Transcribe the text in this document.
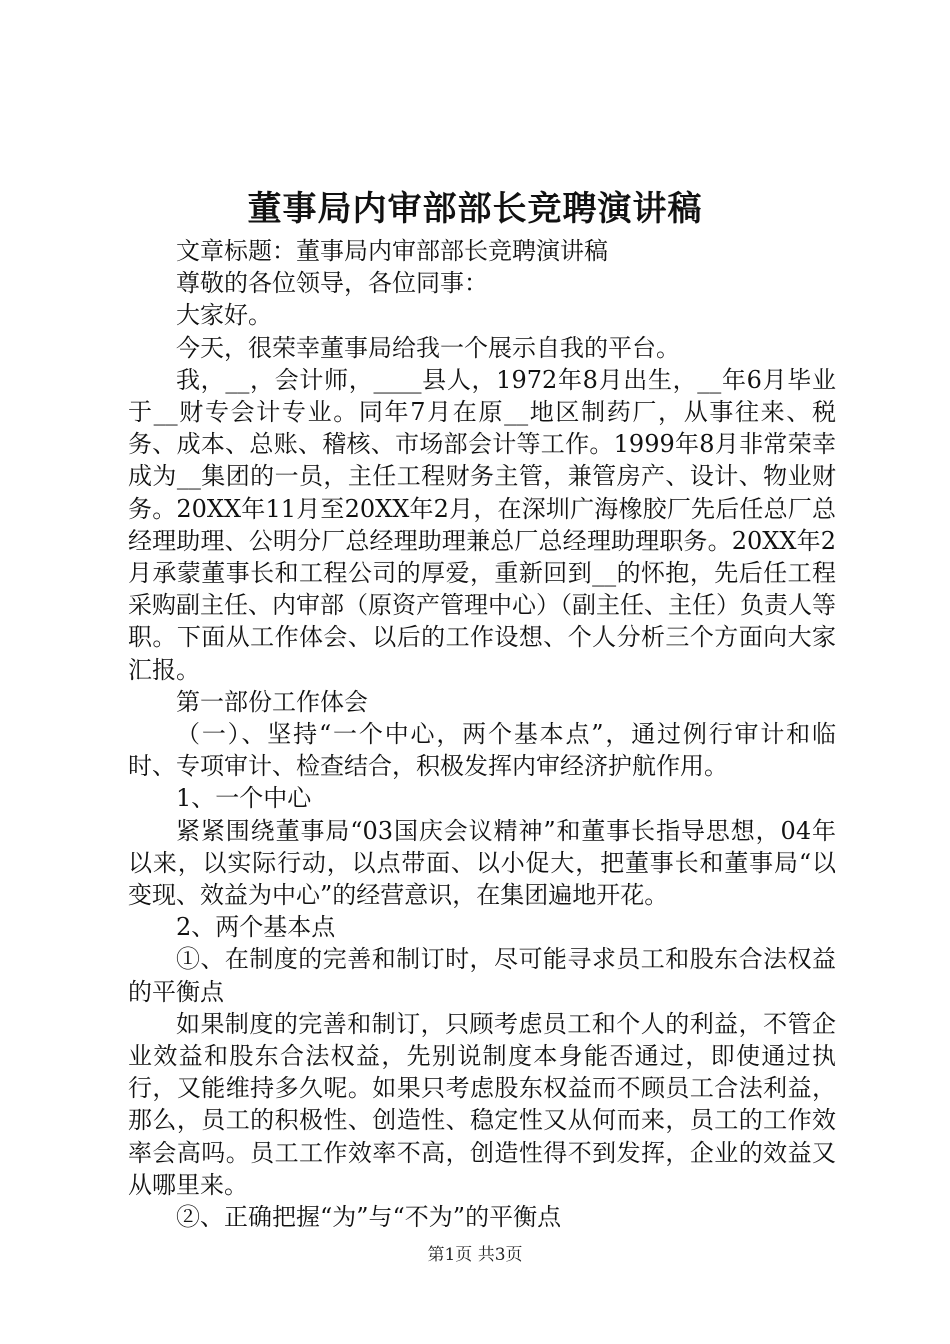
董事局内审部部长竞聘演讲稿

文章标题：董事局内审部部长竞聘演讲稿

尊敬的各位领导，各位同事：

大家好。

今天，很荣幸董事局给我一个展示自我的平台。

我，__，会计师，____县人，1972年8月出生，__年6月毕业于__财专会计专业。同年7月在原__地区制药厂，从事往来、税务、成本、总账、稽核、市场部会计等工作。1999年8月非常荣幸成为__集团的一员，主任工程财务主管，兼管房产、设计、物业财务。20XX年11月至20XX年2月，在深圳广海橡胶厂先后任总厂总经理助理、公明分厂总经理助理兼总厂总经理助理职务。20XX年2月承蒙董事长和工程公司的厚爱，重新回到__的怀抱，先后任工程采购副主任、内审部（原资产管理中心）（副主任、主任）负责人等职。下面从工作体会、以后的工作设想、个人分析三个方面向大家汇报。

第一部份工作体会

（一）、坚持“一个中心，两个基本点”，通过例行审计和临时、专项审计、检查结合，积极发挥内审经济护航作用。

1、一个中心

紧紧围绕董事局“03国庆会议精神”和董事长指导思想，04年以来，以实际行动，以点带面、以小促大，把董事长和董事局“以变现、效益为中心”的经营意识，在集团遍地开花。

2、两个基本点

①、在制度的完善和制订时，尽可能寻求员工和股东合法权益的平衡点

如果制度的完善和制订，只顾考虑员工和个人的利益，不管企业效益和股东合法权益，先别说制度本身能否通过，即使通过执行，又能维持多久呢。如果只考虑股东权益而不顾员工合法利益，那么，员工的积极性、创造性、稳定性又从何而来，员工的工作效率会高吗。员工工作效率不高，创造性得不到发挥，企业的效益又从哪里来。

②、正确把握“为”与“不为”的平衡点

第1页 共3页
